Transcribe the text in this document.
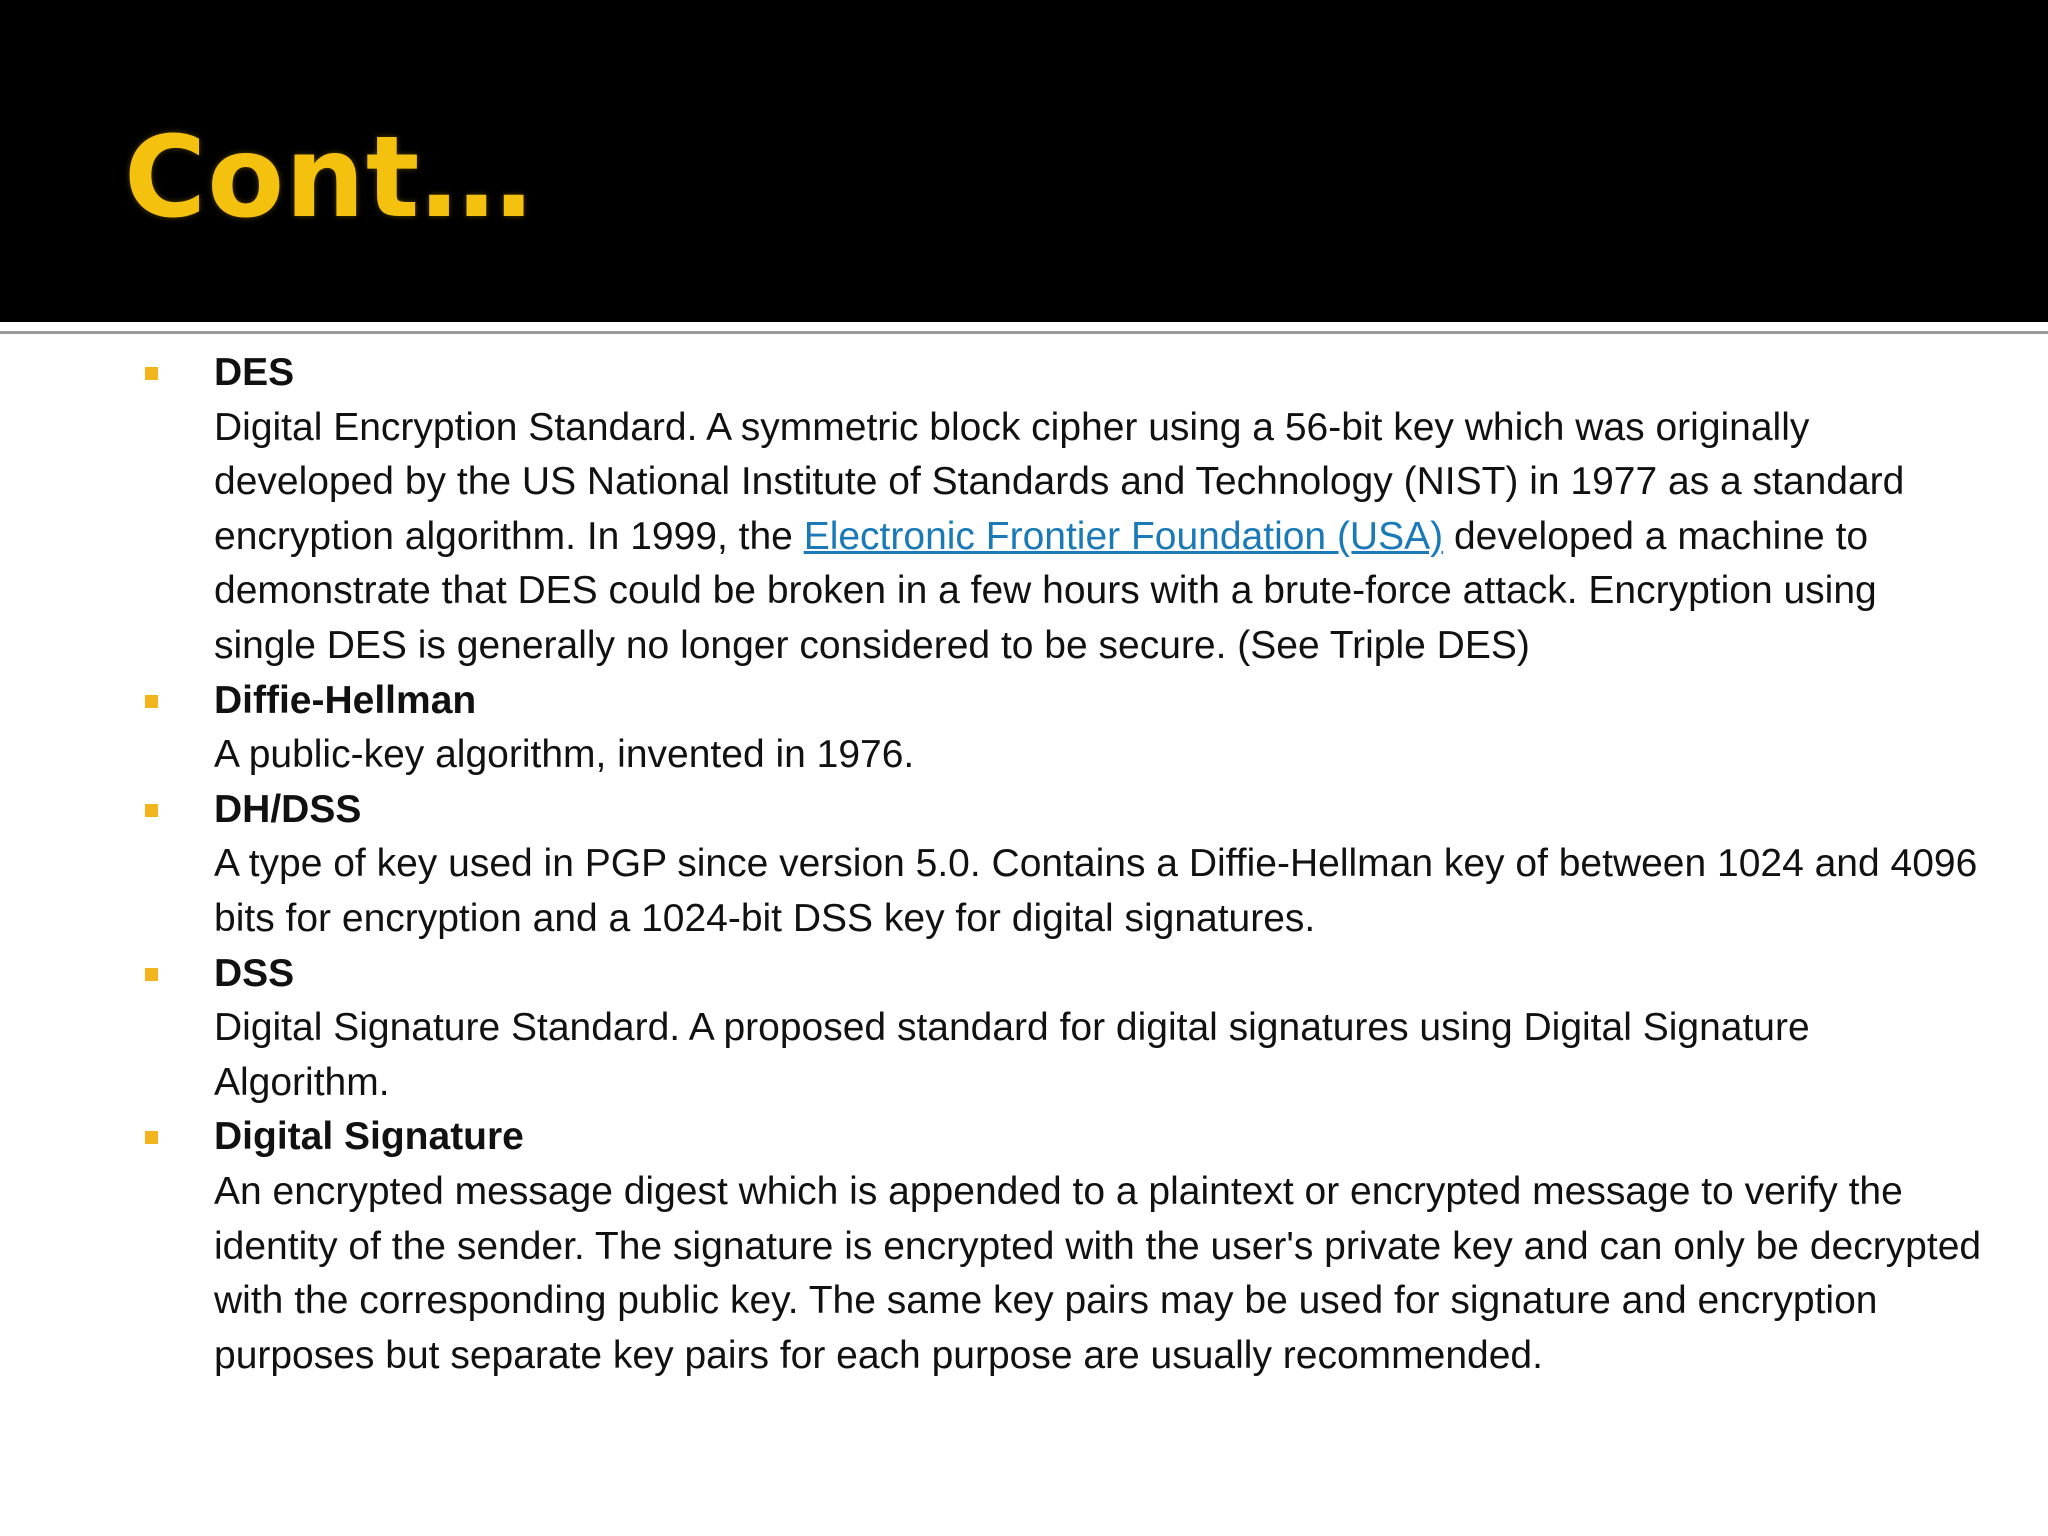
Cont…
DES
Digital Encryption Standard. A symmetric block cipher using a 56-bit key which was originally developed by the US National Institute of Standards and Technology (NIST) in 1977 as a standard encryption algorithm. In 1999, the Electronic Frontier Foundation (USA) developed a machine to demonstrate that DES could be broken in a few hours with a brute-force attack. Encryption using single DES is generally no longer considered to be secure. (See Triple DES)
Diffie-Hellman
A public-key algorithm, invented in 1976.
DH/DSS
A type of key used in PGP since version 5.0. Contains a Diffie-Hellman key of between 1024 and 4096 bits for encryption and a 1024-bit DSS key for digital signatures.
DSS
Digital Signature Standard. A proposed standard for digital signatures using Digital Signature Algorithm.
Digital Signature
An encrypted message digest which is appended to a plaintext or encrypted message to verify the identity of the sender. The signature is encrypted with the user's private key and can only be decrypted with the corresponding public key. The same key pairs may be used for signature and encryption purposes but separate key pairs for each purpose are usually recommended.
